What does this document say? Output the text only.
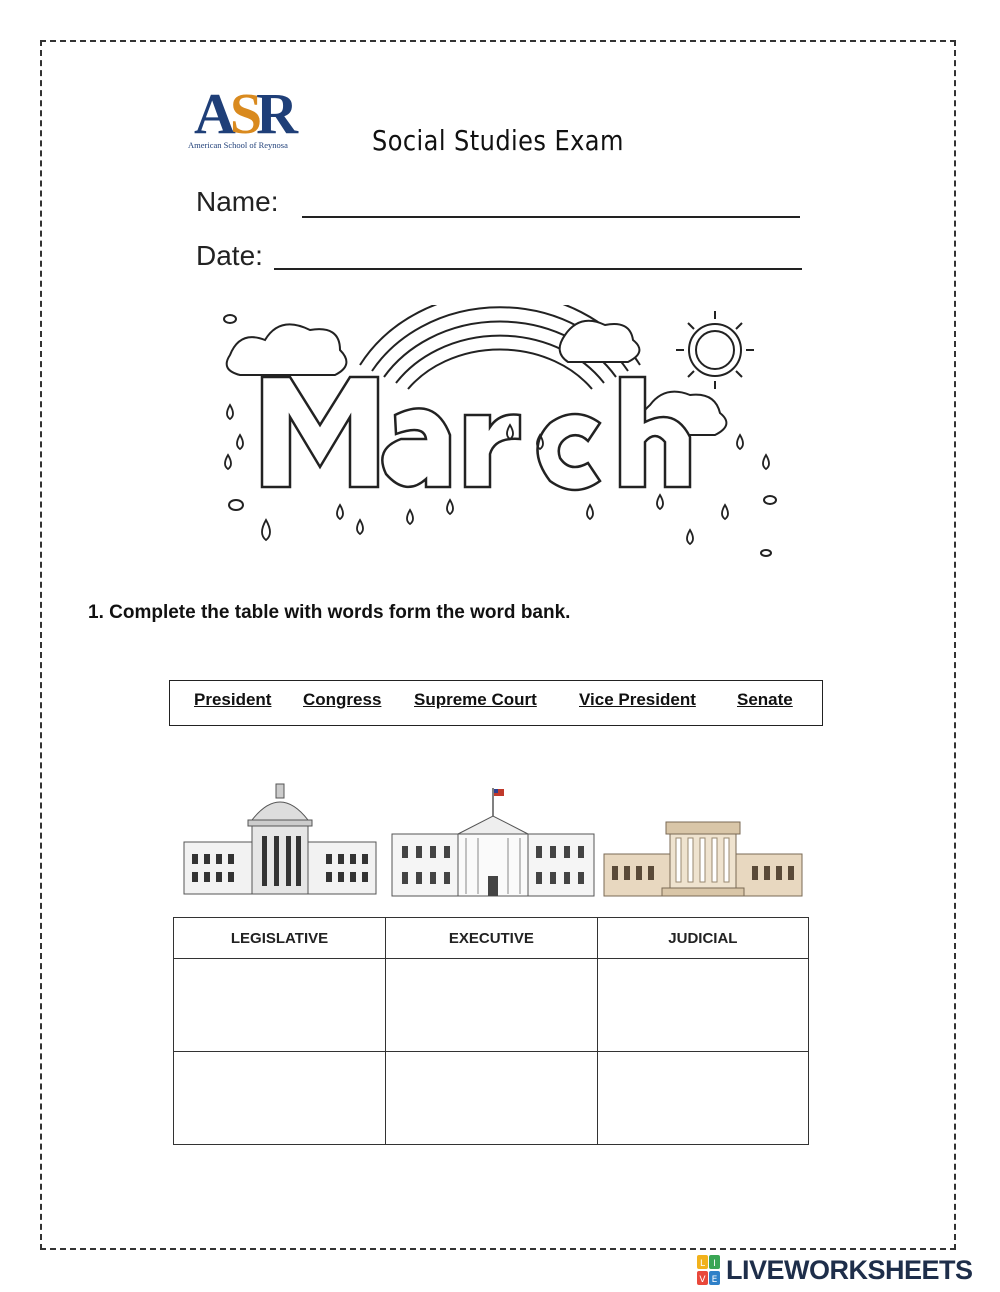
ASR
American School of Reynosa	Social Studies Exam
Name:
Date:
1. Complete the table with words form the word bank.
President Congress Supreme Court Vice President Senate
LEGISLATIVE	EXECUTIVE	JUDICIAL

L I
V E LIVEWORKSHEETS
